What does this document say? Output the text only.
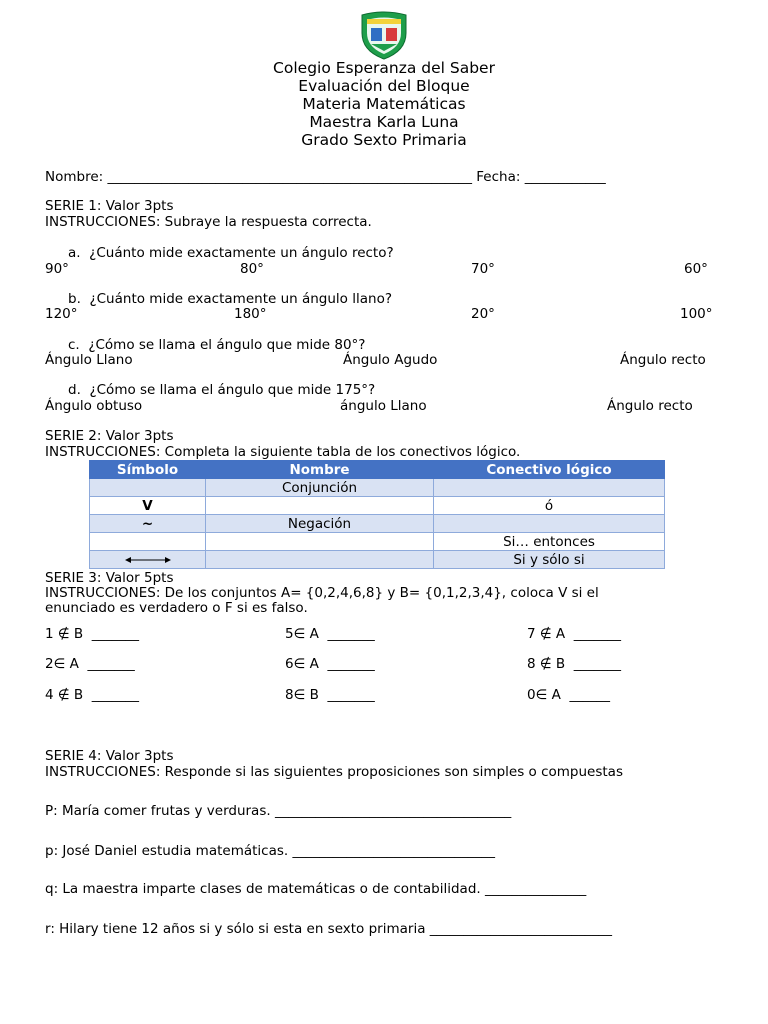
Colegio Esperanza del Saber
Evaluación del Bloque
Materia Matemáticas
Maestra Karla Luna
Grado Sexto Primaria
Nombre: ______________________________________________________ Fecha: ____________
SERIE 1: Valor 3pts
INSTRUCCIONES: Subraye la respuesta correcta.
a. ¿Cuánto mide exactamente un ángulo recto?
90°	80°	70°	60°
b. ¿Cuánto mide exactamente un ángulo llano?
120°	180°	20°	100°
c. ¿Cómo se llama el ángulo que mide 80°?
Ángulo Llano	Ángulo Agudo	Ángulo recto
d. ¿Cómo se llama el ángulo que mide 175°?
Ángulo obtuso	ángulo Llano	Ángulo recto
SERIE 2: Valor 3pts
INSTRUCCIONES: Completa la siguiente tabla de los conectivos lógico.
Símbolo	Nombre	Conectivo lógico
	Conjunción	
V		ó
~	Negación	
		Si… entonces
		Si y sólo si
SERIE 3: Valor 5pts
INSTRUCCIONES: De los conjuntos A= {0,2,4,6,8} y B= {0,1,2,3,4}, coloca V si el
enunciado es verdadero o F si es falso.
1 ∉ B _______	5∈ A _______	7 ∉ A _______
2∈ A _______	6∈ A _______	8 ∉ B _______
4 ∉ B _______	8∈ B _______	0∈ A ______
SERIE 4: Valor 3pts
INSTRUCCIONES: Responde si las siguientes proposiciones son simples o compuestas
P: María comer frutas y verduras. ___________________________________
p: José Daniel estudia matemáticas. ______________________________
q: La maestra imparte clases de matemáticas o de contabilidad. _______________
r: Hilary tiene 12 años si y sólo si esta en sexto primaria ___________________________
